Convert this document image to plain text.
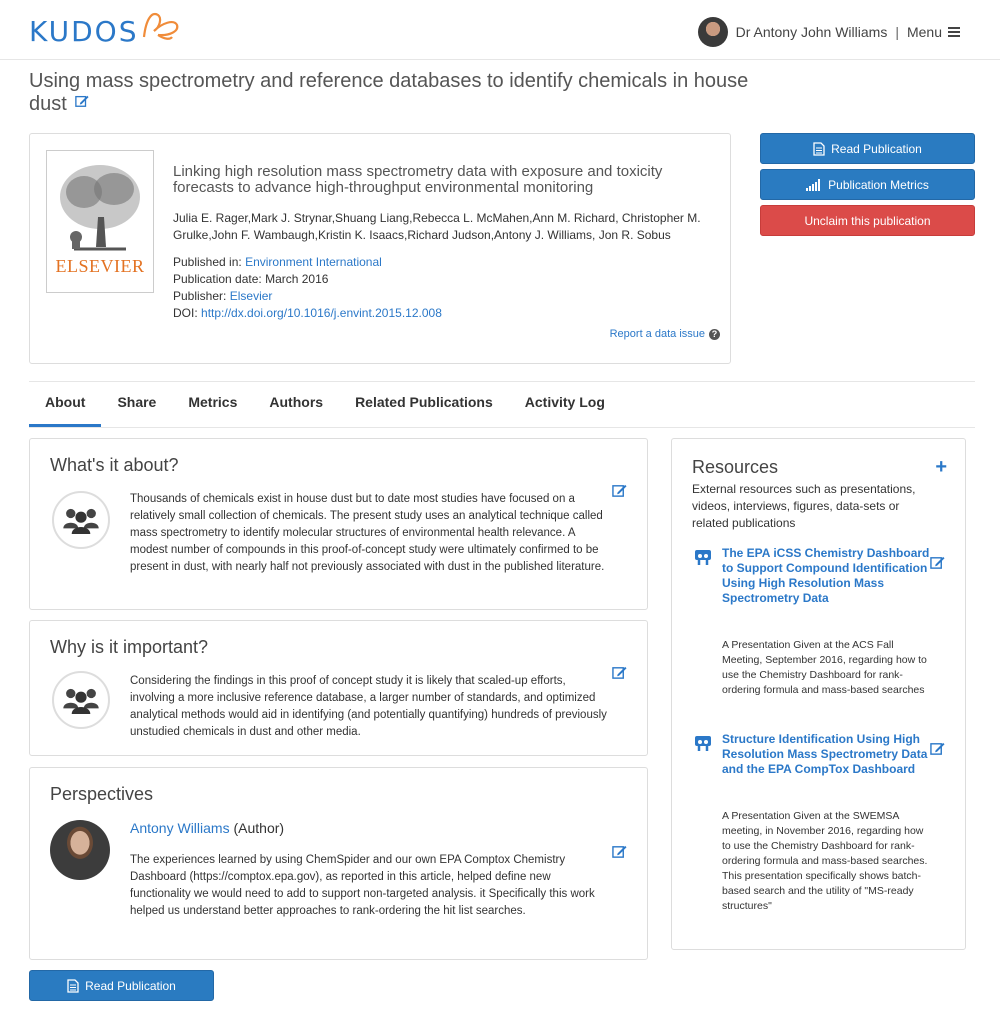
KUDOS	Dr Antony John Williams | Menu
Using mass spectrometry and reference databases to identify chemicals in house dust
ELSEVIER
Linking high resolution mass spectrometry data with exposure and toxicity forecasts to advance high-throughput environmental monitoring
Julia E. Rager,Mark J. Strynar,Shuang Liang,Rebecca L. McMahen,Ann M. Richard, Christopher M. Grulke,John F. Wambaugh,Kristin K. Isaacs,Richard Judson,Antony J. Williams, Jon R. Sobus
Published in: Environment International
Publication date: March 2016
Publisher: Elsevier
DOI: http://dx.doi.org/10.1016/j.envint.2015.12.008
Report a data issue ?
Read Publication
Publication Metrics
Unclaim this publication
About	Share	Metrics	Authors	Related Publications	Activity Log
What's it about?
Thousands of chemicals exist in house dust but to date most studies have focused on a relatively small collection of chemicals. The present study uses an analytical technique called mass spectrometry to identify molecular structures of environmental health relevance. A modest number of compounds in this proof-of-concept study were ultimately confirmed to be present in dust, with nearly half not previously associated with dust in the published literature.
Why is it important?
Considering the findings in this proof of concept study it is likely that scaled-up efforts, involving a more inclusive reference database, a larger number of standards, and optimized analytical methods would aid in identifying (and potentially quantifying) hundreds of previously unstudied chemicals in dust and other media.
Perspectives
Antony Williams (Author)
The experiences learned by using ChemSpider and our own EPA Comptox Chemistry Dashboard (https://comptox.epa.gov), as reported in this article, helped define new functionality we would need to add to support non-targeted analysis. it Specifically this work helped us understand better approaches to rank-ordering the hit list searches.
Read Publication
Resources	+
External resources such as presentations, videos, interviews, figures, data-sets or related publications
The EPA iCSS Chemistry Dashboard to Support Compound Identification Using High Resolution Mass Spectrometry Data
A Presentation Given at the ACS Fall Meeting, September 2016, regarding how to use the Chemistry Dashboard for rank-ordering formula and mass-based searches
Structure Identification Using High Resolution Mass Spectrometry Data and the EPA CompTox Dashboard
A Presentation Given at the SWEMSA meeting, in November 2016, regarding how to use the Chemistry Dashboard for rank-ordering formula and mass-based searches. This presentation specifically shows batch-based search and the utility of "MS-ready structures"
